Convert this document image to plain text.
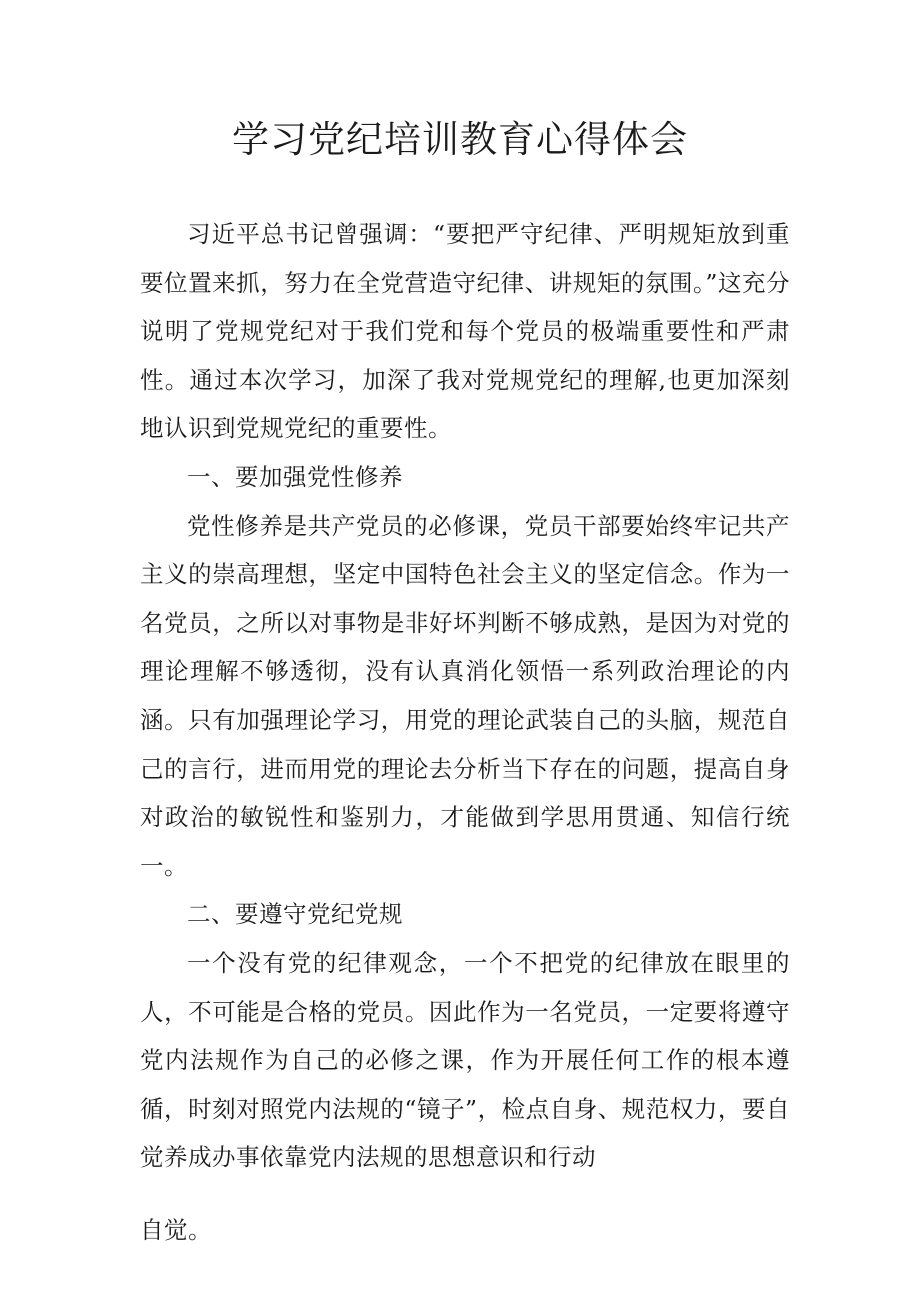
学习党纪培训教育心得体会

习近平总书记曾强调：“要把严守纪律、严明规矩放到重要位置来抓，努力在全党营造守纪律、讲规矩的氛围。”这充分说明了党规党纪对于我们党和每个党员的极端重要性和严肃性。通过本次学习，加深了我对党规党纪的理解,也更加深刻地认识到党规党纪的重要性。

一、要加强党性修养

党性修养是共产党员的必修课，党员干部要始终牢记共产主义的崇高理想，坚定中国特色社会主义的坚定信念。作为一名党员，之所以对事物是非好坏判断不够成熟，是因为对党的理论理解不够透彻，没有认真消化领悟一系列政治理论的内涵。只有加强理论学习，用党的理论武装自己的头脑，规范自己的言行，进而用党的理论去分析当下存在的问题，提高自身对政治的敏锐性和鉴别力，才能做到学思用贯通、知信行统一。

二、要遵守党纪党规

一个没有党的纪律观念，一个不把党的纪律放在眼里的人，不可能是合格的党员。因此作为一名党员，一定要将遵守党内法规作为自己的必修之课，作为开展任何工作的根本遵循，时刻对照党内法规的“镜子”，检点自身、规范权力，要自觉养成办事依靠党内法规的思想意识和行动

自觉。
